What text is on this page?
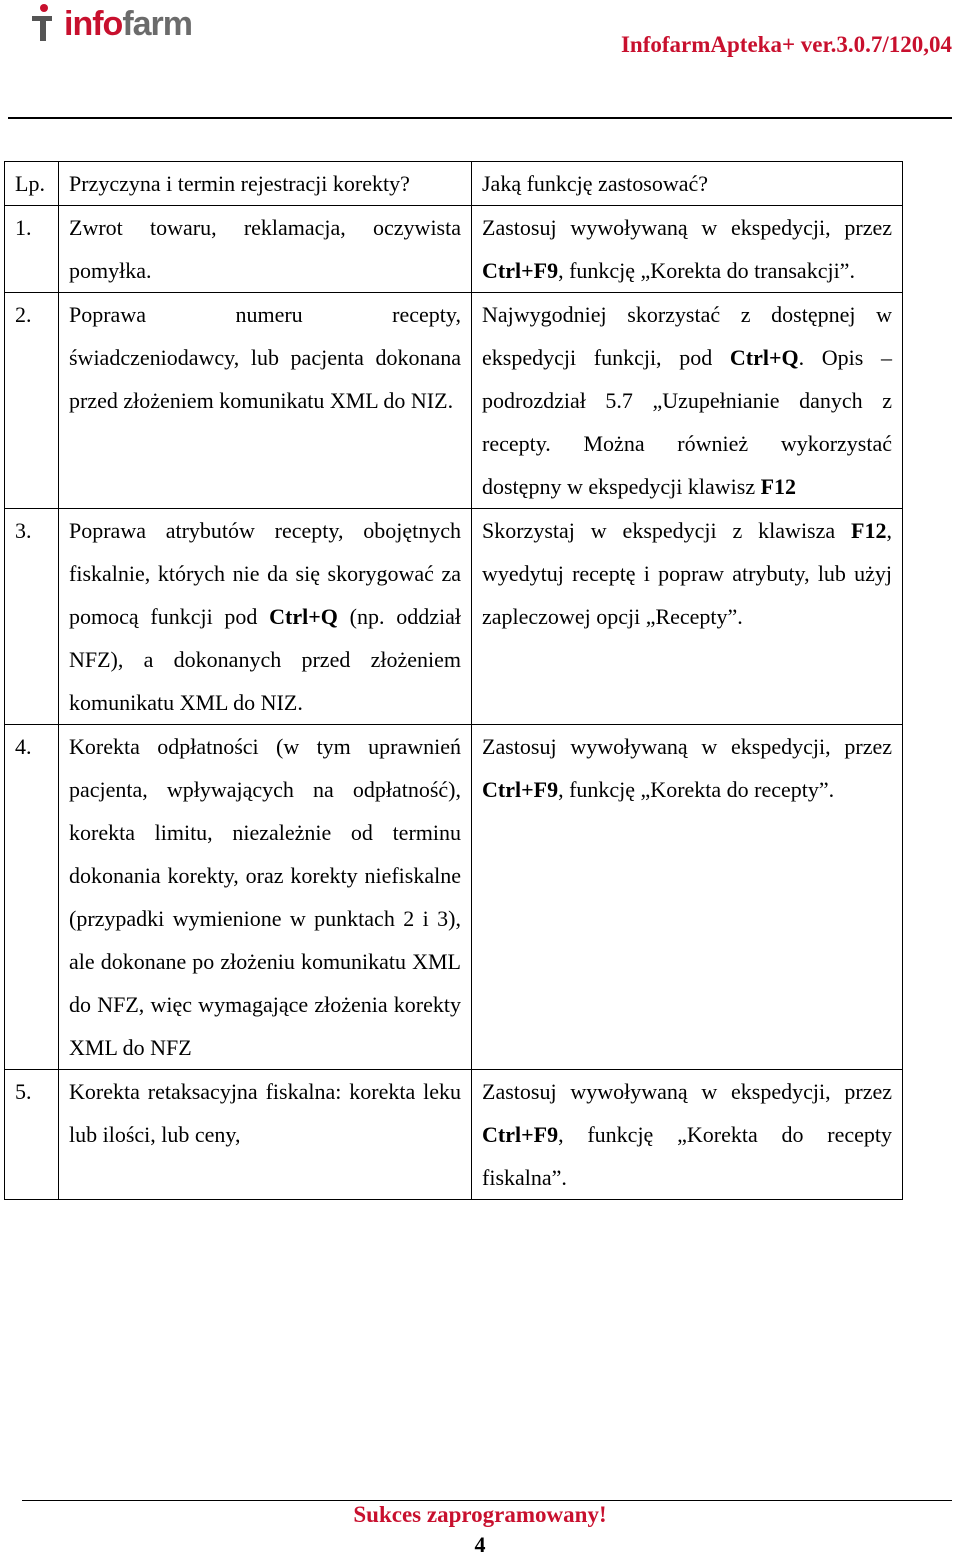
infofarm
InfofarmApteka+ ver.3.0.7/120,04
Lp.	Przyczyna i termin rejestracji korekty?	Jaką funkcję zastosować?
1.	Zwrot towaru, reklamacja, oczywista pomyłka.	Zastosuj wywoływaną w ekspedycji, przez Ctrl+F9, funkcję „Korekta do transakcji”.
2.	Poprawa numeru recepty, świadczeniodawcy, lub pacjenta dokonana przed złożeniem komunikatu XML do NIZ.	Najwygodniej skorzystać z dostępnej w ekspedycji funkcji, pod Ctrl+Q. Opis – podrozdział 5.7 „Uzupełnianie danych z recepty. Można również wykorzystać dostępny w ekspedycji klawisz F12
3.	Poprawa atrybutów recepty, obojętnych fiskalnie, których nie da się skorygować za pomocą funkcji pod Ctrl+Q (np. oddział NFZ), a dokonanych przed złożeniem komunikatu XML do NIZ.	Skorzystaj w ekspedycji z klawisza F12, wyedytuj receptę i popraw atrybuty, lub użyj zapleczowej opcji „Recepty”.
4.	Korekta odpłatności (w tym uprawnień pacjenta, wpływających na odpłatność), korekta limitu, niezależnie od terminu dokonania korekty, oraz korekty niefiskalne (przypadki wymienione w punktach 2 i 3), ale dokonane po złożeniu komunikatu XML do NFZ, więc wymagające złożenia korekty XML do NFZ	Zastosuj wywoływaną w ekspedycji, przez Ctrl+F9, funkcję „Korekta do recepty”.
5.	Korekta retaksacyjna fiskalna: korekta leku lub ilości, lub ceny,	Zastosuj wywoływaną w ekspedycji, przez Ctrl+F9, funkcję „Korekta do recepty fiskalna”.
Sukces zaprogramowany!
4
